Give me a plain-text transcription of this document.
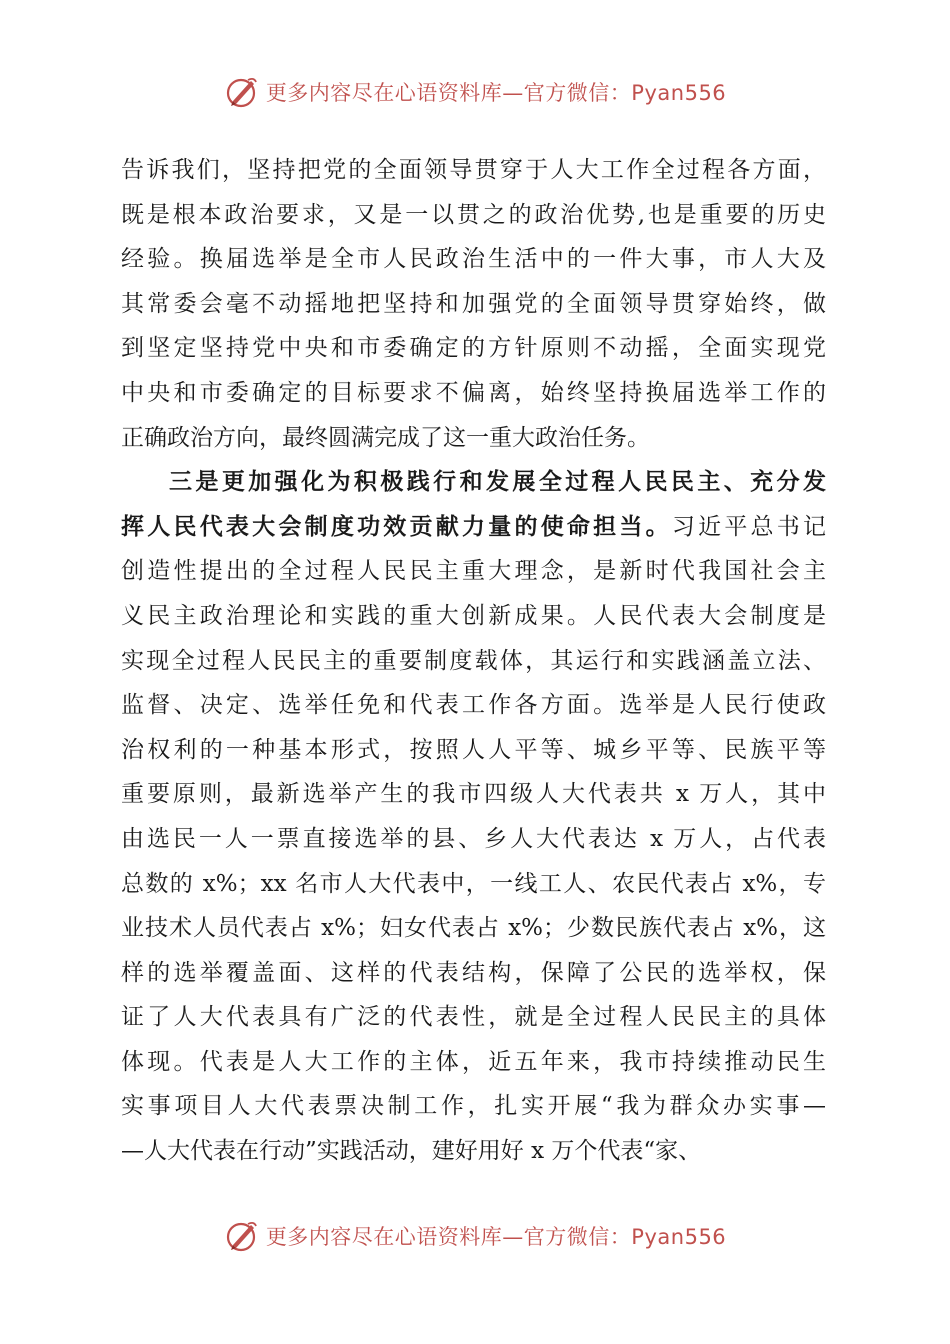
更多内容尽在心语资料库—官方微信：Pyan556
告诉我们，坚持把党的全面领导贯穿于人大工作全过程各方面，
既是根本政治要求，又是一以贯之的政治优势,也是重要的历史
经验。换届选举是全市人民政治生活中的一件大事，市人大及
其常委会毫不动摇地把坚持和加强党的全面领导贯穿始终，做
到坚定坚持党中央和市委确定的方针原则不动摇，全面实现党
中央和市委确定的目标要求不偏离，始终坚持换届选举工作的
正确政治方向，最终圆满完成了这一重大政治任务。
三是更加强化为积极践行和发展全过程人民民主、充分发
挥人民代表大会制度功效贡献力量的使命担当。习近平总书记
创造性提出的全过程人民民主重大理念，是新时代我国社会主
义民主政治理论和实践的重大创新成果。人民代表大会制度是
实现全过程人民民主的重要制度载体，其运行和实践涵盖立法、
监督、决定、选举任免和代表工作各方面。选举是人民行使政
治权利的一种基本形式，按照人人平等、城乡平等、民族平等
重要原则，最新选举产生的我市四级人大代表共 x 万人，其中
由选民一人一票直接选举的县、乡人大代表达 x 万人，占代表
总数的 x%；xx 名市人大代表中，一线工人、农民代表占 x%，专
业技术人员代表占 x%；妇女代表占 x%；少数民族代表占 x%，这
样的选举覆盖面、这样的代表结构，保障了公民的选举权，保
证了人大代表具有广泛的代表性，就是全过程人民民主的具体
体现。代表是人大工作的主体，近五年来，我市持续推动民生
实事项目人大代表票决制工作，扎实开展“我为群众办实事—
—人大代表在行动”实践活动，建好用好 x 万个代表“家、
更多内容尽在心语资料库—官方微信：Pyan556
